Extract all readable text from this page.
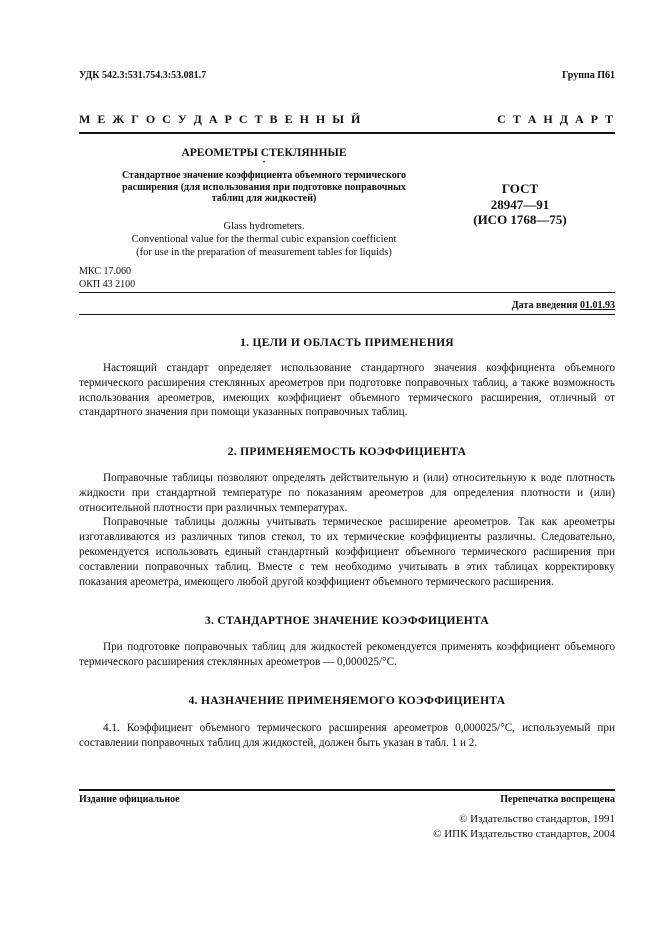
УДК 542.3:531.754.3:53.081.7	Группа П61
М Е Ж Г О С У Д А Р С Т В Е Н Н Ы Й	С Т А Н Д А Р Т
АРЕОМЕТРЫ СТЕКЛЯННЫЕ
·
Стандартное значение коэффициента объемного термического
расширения (для использования при подготовке поправочных
таблиц для жидкостей)
Glass hydrometers.
Conventional value for the thermal cubic expansion coefficient
(for use in the preparation of measurement tables for liquids)
ГОСТ
28947—91
(ИСО 1768—75)
МКС 17.060
ОКП 43 2100
Дата введения 01.01.93
1. ЦЕЛИ И ОБЛАСТЬ ПРИМЕНЕНИЯ

Настоящий стандарт определяет использование стандартного значения коэффициента объемного термического расширения стеклянных ареометров при подготовке поправочных таблиц, а также возможность использования ареометров, имеющих коэффициент объемного термического расширения, отличный от стандартного значения при помощи указанных поправочных таблиц.

2. ПРИМЕНЯЕМОСТЬ КОЭФФИЦИЕНТА

Поправочные таблицы позволяют определять действительную и (или) относительную к воде плотность жидкости при стандартной температуре по показаниям ареометров для определения плотности и (или) относительной плотности при различных температурах.

Поправочные таблицы должны учитывать термическое расширение ареометров. Так как ареометры изготавливаются из различных типов стекол, то их термические коэффициенты различны. Следовательно, рекомендуется использовать единый стандартный коэффициент объемного термического расширения при составлении поправочных таблиц. Вместе с тем необходимо учитывать в этих таблицах корректировку показания ареометра, имеющего любой другой коэффициент объемного термического расширения.

3. СТАНДАРТНОЕ ЗНАЧЕНИЕ КОЭФФИЦИЕНТА

При подготовке поправочных таблиц для жидкостей рекомендуется применять коэффициент объемного термического расширения стеклянных ареометров — 0,000025/°С.

4. НАЗНАЧЕНИЕ ПРИМЕНЯЕМОГО КОЭФФИЦИЕНТА

4.1. Коэффициент объемного термического расширения ареометров 0,000025/°С, используемый при составлении поправочных таблиц для жидкостей, должен быть указан в табл. 1 и 2.

Издание официальное	Перепечатка воспрещена
© Издательство стандартов, 1991
© ИПК Издательство стандартов, 2004
